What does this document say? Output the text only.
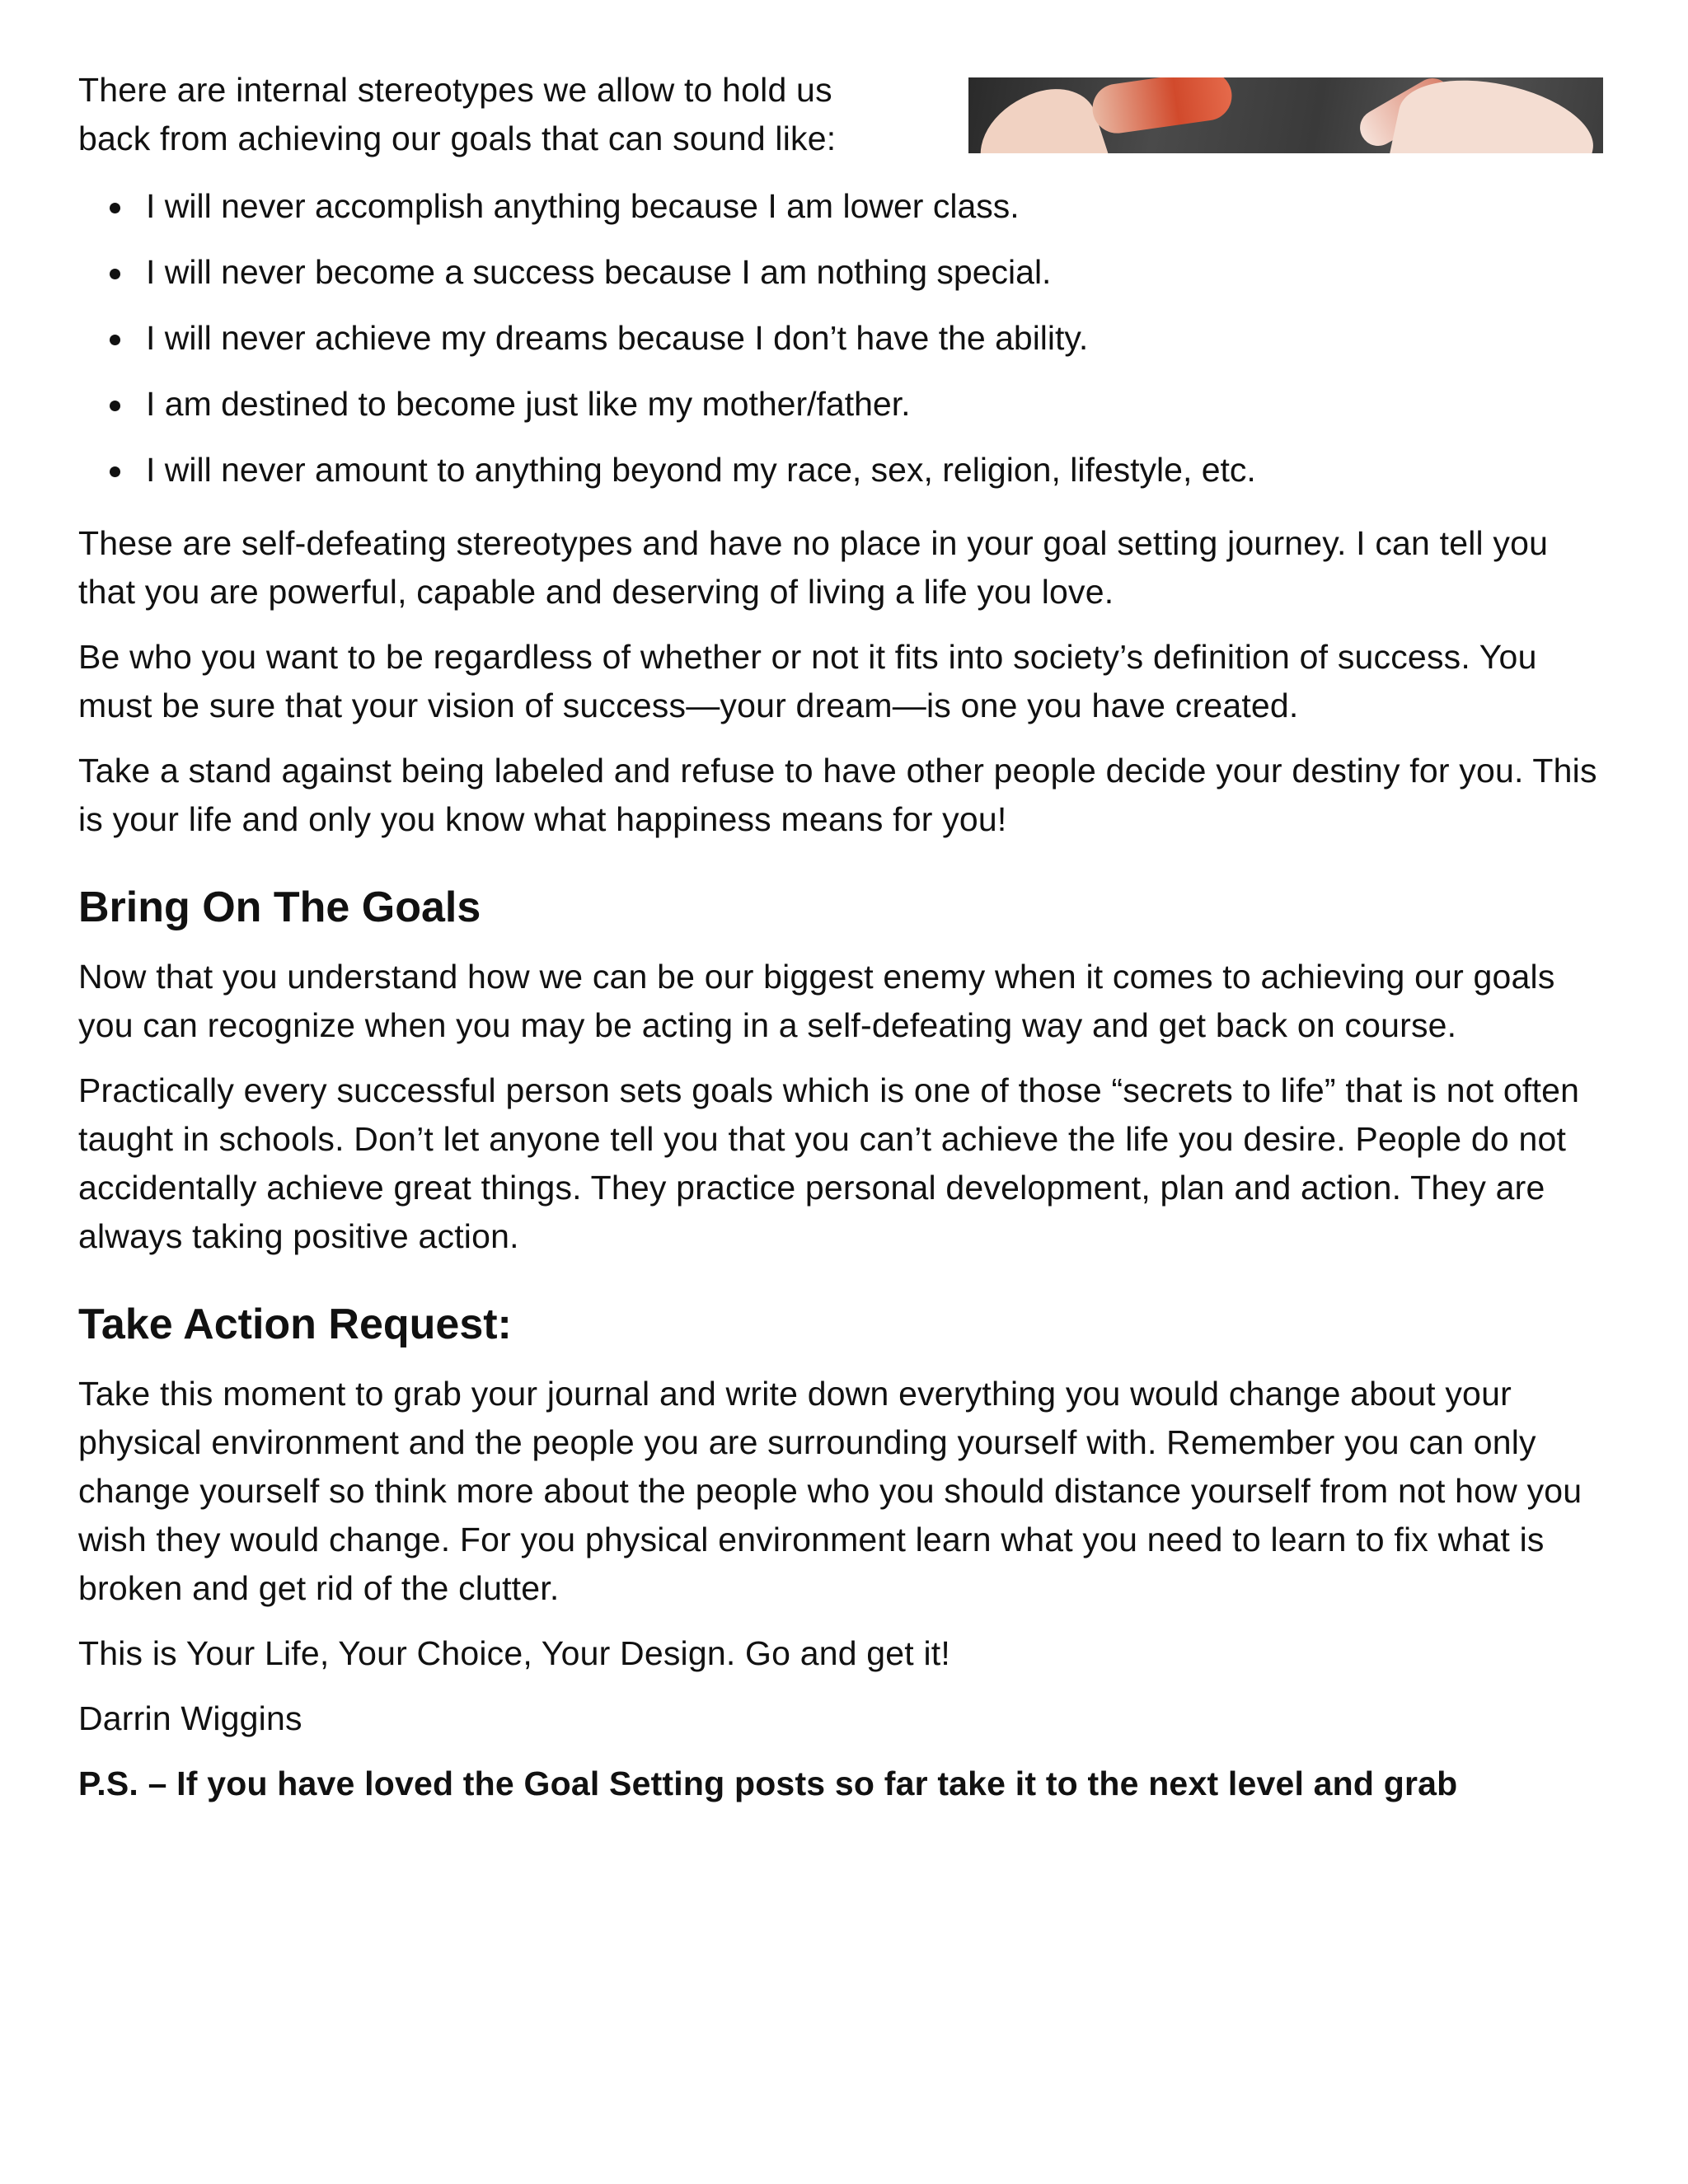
There are internal stereotypes we allow to hold us

back from achieving our goals that can sound like:

I will never accomplish anything because I am lower class.
I will never become a success because I am nothing special.
I will never achieve my dreams because I don’t have the ability.
I am destined to become just like my mother/father.
I will never amount to anything beyond my race, sex, religion, lifestyle, etc.

These are self-defeating stereotypes and have no place in your goal setting journey. I can tell you that you are powerful, capable and deserving of living a life you love.

Be who you want to be regardless of whether or not it fits into society’s definition of success. You must be sure that your vision of success—your dream—is one you have created.

Take a stand against being labeled and refuse to have other people decide your destiny for you. This is your life and only you know what happiness means for you!

Bring On The Goals

Now that you understand how we can be our biggest enemy when it comes to achieving our goals you can recognize when you may be acting in a self-defeating way and get back on course.

Practically every successful person sets goals which is one of those “secrets to life” that is not often taught in schools. Don’t let anyone tell you that you can’t achieve the life you desire. People do not accidentally achieve great things. They practice personal development, plan and action. They are always taking positive action.

Take Action Request:

Take this moment to grab your journal and write down everything you would change about your physical environment and the people you are surrounding yourself with. Remember you can only change yourself so think more about the people who you should distance yourself from not how you wish they would change. For you physical environment learn what you need to learn to fix what is broken and get rid of the clutter.

This is Your Life, Your Choice, Your Design. Go and get it!

Darrin Wiggins

P.S. – If you have loved the Goal Setting posts so far take it to the next level and grab
